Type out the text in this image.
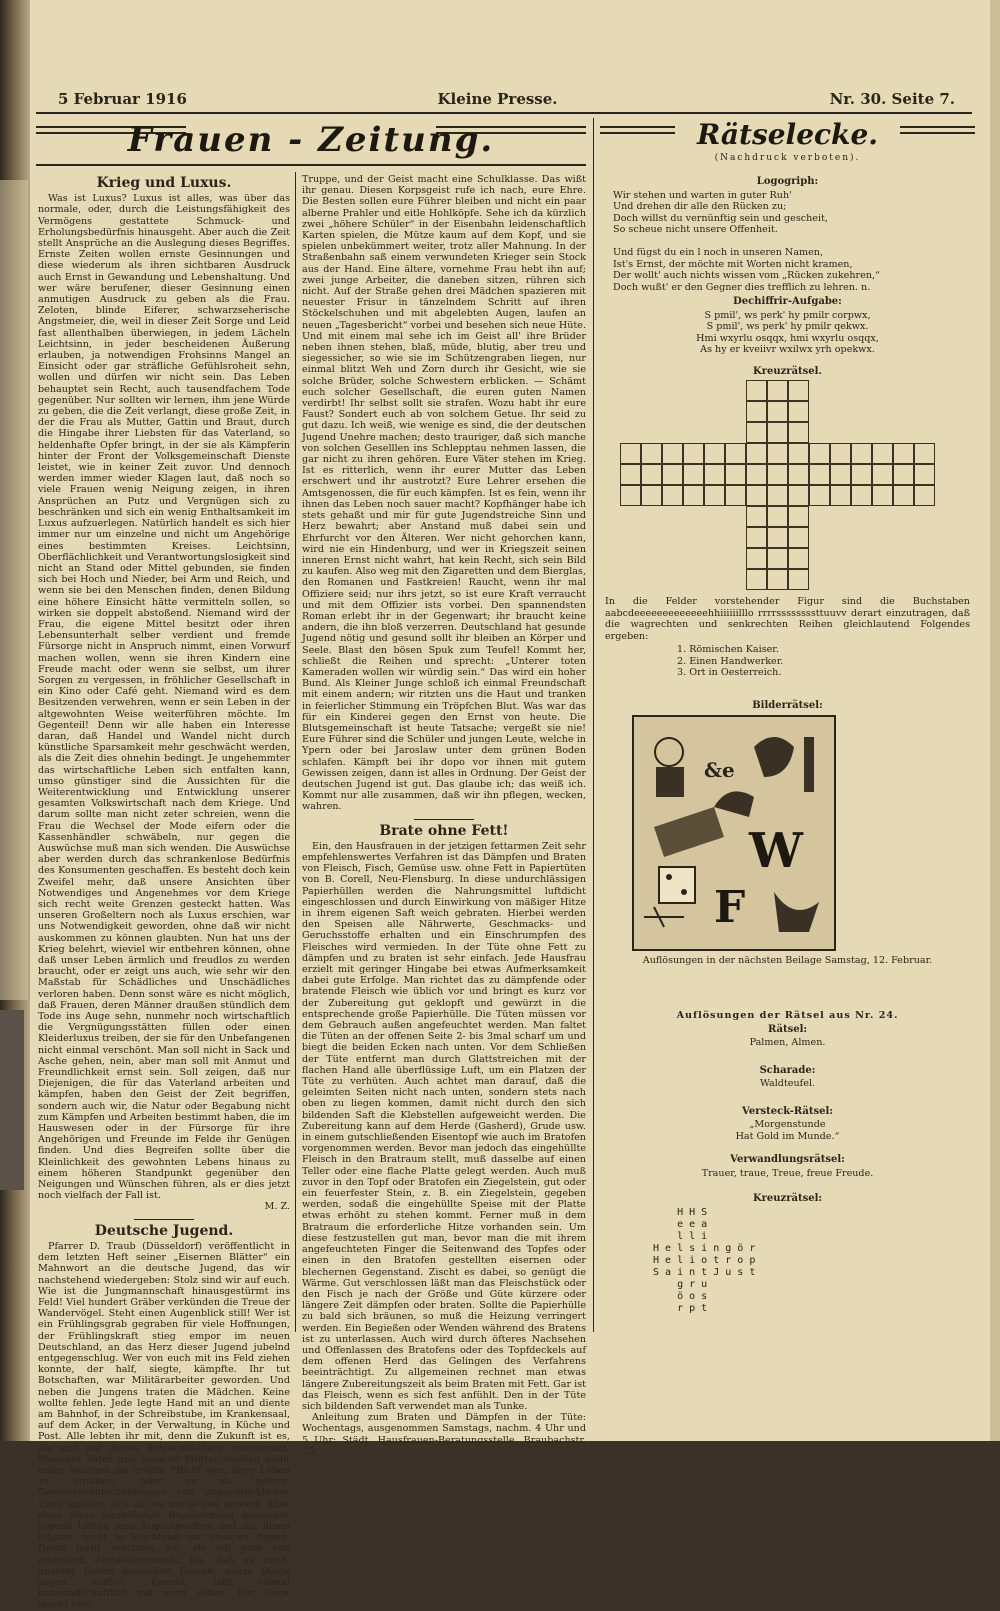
5 Februar 1916	Kleine Presse.	Nr. 30. Seite 7.
Frauen - Zeitung.	Rätselecke.
(Nachdruck verboten).
Krieg und Luxus.

Was ist Luxus? Luxus ist alles, was über das normale, oder, durch die Leistungsfähigkeit des Vermögens gestattete Schmuck- und Erholungsbedürfnis hinausgeht. Aber auch die Zeit stellt Ansprüche an die Auslegung dieses Begriffes. Ernste Zeiten wollen ernste Gesinnungen und diese wiederum als ihren sichtbaren Ausdruck auch Ernst in Gewandung und Lebenshaltung. Und wer wäre berufener, dieser Gesinnung einen anmutigen Ausdruck zu geben als die Frau. Zeloten, blinde Eiferer, schwarzseherische Angstmeier, die, weil in dieser Zeit Sorge und Leid fast allenthalben überwiegen, in jedem Lächeln Leichtsinn, in jeder bescheidenen Äußerung erlauben, ja notwendigen Frohsinns Mangel an Einsicht oder gar sträfliche Gefühlsroheit sehn, wollen und dürfen wir nicht sein. Das Leben behauptet sein Recht, auch tausendfachem Tode gegenüber. Nur sollten wir lernen, ihm jene Würde zu geben, die die Zeit verlangt, diese große Zeit, in der die Frau als Mutter, Gattin und Braut, durch die Hingabe ihrer Liebsten für das Vaterland, so heldenhafte Opfer bringt, in der sie als Kämpferin hinter der Front der Volksgemeinschaft Dienste leistet, wie in keiner Zeit zuvor. Und dennoch werden immer wieder Klagen laut, daß noch so viele Frauen wenig Neigung zeigen, in ihren Ansprüchen an Putz und Vergnügen sich zu beschränken und sich ein wenig Enthaltsamkeit im Luxus aufzuerlegen. Natürlich handelt es sich hier immer nur um einzelne und nicht um Angehörige eines bestimmten Kreises. Leichtsinn, Oberflächlichkeit und Verantwortungslosigkeit sind nicht an Stand oder Mittel gebunden, sie finden sich bei Hoch und Nieder, bei Arm und Reich, und wenn sie bei den Menschen finden, denen Bildung eine höhere Einsicht hätte vermitteln sollen, so wirken sie doppelt abstoßend. Niemand wird der Frau, die eigene Mittel besitzt oder ihren Lebensunterhalt selber verdient und fremde Fürsorge nicht in Anspruch nimmt, einen Vorwurf machen wollen, wenn sie ihren Kindern eine Freude macht oder wenn sie selbst, um ihrer Sorgen zu vergessen, in fröhlicher Gesellschaft in ein Kino oder Café geht. Niemand wird es dem Besitzenden verwehren, wenn er sein Leben in der altgewohnten Weise weiterführen möchte. Im Gegenteil! Denn wir alle haben ein Interesse daran, daß Handel und Wandel nicht durch künstliche Sparsamkeit mehr geschwächt werden, als die Zeit dies ohnehin bedingt. Je ungehemmter das wirtschaftliche Leben sich entfalten kann, umso günstiger sind die Aussichten für die Weiterentwicklung und Entwicklung unserer gesamten Volkswirtschaft nach dem Kriege. Und darum sollte man nicht zeter schreien, wenn die Frau die Wechsel der Mode eifern oder die Kassenhändler schwäbeln, nur gegen die Auswüchse muß man sich wenden. Die Auswüchse aber werden durch das schrankenlose Bedürfnis des Konsumenten geschaffen. Es besteht doch kein Zweifel mehr, daß unsere Ansichten über Notwendiges und Angenehmes vor dem Kriege sich recht weite Grenzen gesteckt hatten. Was unseren Großeltern noch als Luxus erschien, war uns Notwendigkeit geworden, ohne daß wir nicht auskommen zu können glaubten. Nun hat uns der Krieg belehrt, wieviel wir entbehren können, ohne daß unser Leben ärmlich und freudlos zu werden braucht, oder er zeigt uns auch, wie sehr wir den Maßstab für Schädliches und Unschädliches verloren haben. Denn sonst wäre es nicht möglich, daß Frauen, deren Männer draußen stündlich dem Tode ins Auge sehn, nunmehr noch wirtschaftlich die Vergnügungsstätten füllen oder einen Kleiderluxus treiben, der sie für den Unbefangenen nicht einmal verschönt. Man soll nicht in Sack und Asche gehen, nein, aber man soll mit Anmut und Freundlichkeit ernst sein. Soll zeigen, daß nur Diejenigen, die für das Vaterland arbeiten und kämpfen, haben den Geist der Zeit begriffen, sondern auch wir, die Natur oder Begabung nicht zum Kämpfen und Arbeiten bestimmt haben, die im Hauswesen oder in der Fürsorge für ihre Angehörigen und Freunde im Felde ihr Genügen finden. Und dies Begreifen sollte über die Kleinlichkeit des gewohnten Lebens hinaus zu einem höheren Standpunkt gegenüber den Neigungen und Wünschen führen, als er dies jetzt noch vielfach der Fall ist.

M. Z.
Deutsche Jugend.

Pfarrer D. Traub (Düsseldorf) veröffentlicht in dem letzten Heft seiner „Eisernen Blätter“ ein Mahnwort an die deutsche Jugend, das wir nachstehend wiedergeben: Stolz sind wir auf euch. Wie ist die Jungmannschaft hinausgestürmt ins Feld! Viel hundert Gräber verkünden die Treue der Wandervögel. Steht einen Augenblick still! Wer ist ein Frühlingsgrab gegraben für viele Hoffnungen, der Frühlingskraft stieg empor im neuen Deutschland, an das Herz dieser Jugend jubelnd entgegenschlug. Wer von euch mit ins Feld ziehen konnte, der half, siegte, kämpfte. Ihr tut Botschaften, war Militärarbeiter geworden. Und neben die Jungens traten die Mädchen. Keine wollte fehlen. Jede legte Hand mit an und diente am Bahnhof, in der Schreibstube, im Krankensaal, auf dem Acker, in der Verwaltung, in Küche und Post. Alle lebten ihr mit, denn die Zukunft ist es, die sich auf diesen Schlachtfeldern entscheidet. Mancher Vater und manche Mutter wußten nicht mehr, welches die größte Pflicht war, ihrer Leben zu erhalten, oder es zu opfern. Gewissensentscheidungen von unausdrücklicher Tiefe spielten sich ab; es wurde viel gewagt. Aber ohne diese hinreißende Begeisterung deutscher Jugend hätten jene Augustwochen und die ihnen folgten, nicht so leuchtend vor unseren Augen. Desto mehr erschrak ich, als ich jetzt von manchem Armeekommando las, daß es euch, unserer lieben deutschen Jugend, ganze Dinge sagen mußte. Kommt, laßt einmal kameradschaftlich mit euch reden. Der Geist macht eine

Truppe, und der Geist macht eine Schulklasse. Das wißt ihr genau. Diesen Korpsgeist rufe ich nach, eure Ehre. Die Besten sollen eure Führer bleiben und nicht ein paar alberne Prahler und eitle Hohlköpfe. Sehe ich da kürzlich zwei „höhere Schüler“ in der Eisenbahn leidenschaftlich Karten spielen, die Mütze kaum auf dem Kopf, und sie spielen unbekümmert weiter, trotz aller Mahnung. In der Straßenbahn saß einem verwundeten Krieger sein Stock aus der Hand. Eine ältere, vornehme Frau hebt ihn auf; zwei junge Arbeiter, die daneben sitzen, rühren sich nicht. Auf der Straße gehen drei Mädchen spazieren mit neuester Frisur in tänzelndem Schritt auf ihren Stöckelschuhen und mit abgelebten Augen, laufen an neuen „Tagesbericht“ vorbei und besehen sich neue Hüte. Und mit einem mal sehe ich im Geist all' ihre Brüder neben ihnen stehen, blaß, müde, blutig, aber treu und siegessicher, so wie sie im Schützengraben liegen, nur einmal blitzt Weh und Zorn durch ihr Gesicht, wie sie solche Brüder, solche Schwestern erblicken. — Schämt euch solcher Gesellschaft, die euren guten Namen verdirbt! Ihr selbst sollt sie strafen. Wozu habt ihr eure Faust? Sondert euch ab von solchem Getue. Ihr seid zu gut dazu. Ich weiß, wie wenige es sind, die der deutschen Jugend Unehre machen; desto trauriger, daß sich manche von solchen Geselllen ins Schlepptau nehmen lassen, die gar nicht zu ihren gehören. Eure Väter stehen im Krieg. Ist es ritterlich, wenn ihr eurer Mutter das Leben erschwert und ihr austrotzt? Eure Lehrer ersehen die Amtsgenossen, die für euch kämpfen. Ist es fein, wenn ihr ihnen das Leben noch sauer macht? Kopfhänger habe ich stets gehaßt und mir für gute Jugendstreiche Sinn und Herz bewahrt; aber Anstand muß dabei sein und Ehrfurcht vor den Älteren. Wer nicht gehorchen kann, wird nie ein Hindenburg, und wer in Kriegszeit seinen inneren Ernst nicht wahrt, hat kein Recht, sich sein Bild zu kaufen. Also weg mit den Zigaretten und dem Bierglas, den Romanen und Fastkreien! Raucht, wenn ihr mal Offiziere seid; nur ihrs jetzt, so ist eure Kraft verraucht und mit dem Offizier ists vorbei. Den spannendsten Roman erlebt ihr in der Gegenwart; ihr braucht keine andern, die ihn bloß verzerren. Deutschland hat gesunde Jugend nötig und gesund sollt ihr bleiben an Körper und Seele. Blast den bösen Spuk zum Teufel! Kommt her, schließt die Reihen und sprecht: „Unterer toten Kameraden wollen wir würdig sein.“ Das wird ein hoher Bund. Als Kleiner Junge schloß ich einmal Freundschaft mit einem andern; wir ritzten uns die Haut und tranken in feierlicher Stimmung ein Tröpfchen Blut. Was war das für ein Kinderei gegen den Ernst von heute. Die Blutsgemeinschaft ist heute Tatsache; vergeßt sie nie! Eure Führer sind die Schüler und jungen Leute, welche in Ypern oder bei Jaroslaw unter dem grünen Boden schlafen. Kämpft bei ihr dopo vor ihnen mit gutem Gewissen zeigen, dann ist alles in Ordnung. Der Geist der deutschen Jugend ist gut. Das glaube ich; das weiß ich. Kommt nur alle zusammen, daß wir ihn pflegen, wecken, wahren.

Brate ohne Fett!

Ein, den Hausfrauen in der jetzigen fettarmen Zeit sehr empfehlenswertes Verfahren ist das Dämpfen und Braten von Fleisch, Fisch, Gemüse usw. ohne Fett in Papiertüten von B. Corell, Neu-Flensburg. In diese undurchlässigen Papierhüllen werden die Nahrungsmittel luftdicht eingeschlossen und durch Einwirkung von mäßiger Hitze in ihrem eigenen Saft weich gebraten. Hierbei werden den Speisen alle Nährwerte, Geschmacks- und Geruchsstoffe erhalten und ein Einschrumpfen des Fleisches wird vermieden. In der Tüte ohne Fett zu dämpfen und zu braten ist sehr einfach. Jede Hausfrau erzielt mit geringer Hingabe bei etwas Aufmerksamkeit dabei gute Erfolge. Man richtet das zu dämpfende oder bratende Fleisch wie üblich vor und bringt es kurz vor der Zubereitung gut geklopft und gewürzt in die entsprechende große Papierhülle. Die Tüten müssen vor dem Gebrauch außen angefeuchtet werden. Man faltet die Tüten an der offenen Seite 2- bis 3mal scharf um und biegt die beiden Ecken nach unten. Vor dem Schließen der Tüte entfernt man durch Glattstreichen mit der flachen Hand alle überflüssige Luft, um ein Platzen der Tüte zu verhüten. Auch achtet man darauf, daß die geleimten Seiten nicht nach unten, sondern stets nach oben zu liegen kommen, damit nicht durch den sich bildenden Saft die Klebstellen aufgeweicht werden. Die Zubereitung kann auf dem Herde (Gasherd), Grude usw. in einem gutschließenden Eisentopf wie auch im Bratofen vorgenommen werden. Bevor man jedoch das eingehüllte Fleisch in den Bratraum stellt, muß dasselbe auf einen Teller oder eine flache Platte gelegt werden. Auch muß zuvor in den Topf oder Bratofen ein Ziegelstein, gut oder ein feuerfester Stein, z. B. ein Ziegelstein, gegeben werden, sodaß die eingehüllte Speise mit der Platte etwas erhöht zu stehen kommt. Ferner muß in dem Bratraum die erforderliche Hitze vorhanden sein. Um diese festzustellen gut man, bevor man die mit ihrem angefeuchteten Finger die Seitenwand des Topfes oder einen in den Bratofen gestellten eisernen oder blechernen Gegenstand. Zischt es dabei, so genügt die Wärme. Gut verschlossen läßt man das Fleischstück oder den Fisch je nach der Größe und Güte kürzere oder längere Zeit dämpfen oder braten. Sollte die Papierhülle zu bald sich bräunen, so muß die Heizung verringert werden. Ein Begießen oder Wenden während des Bratens ist zu unterlassen. Auch wird durch öfteres Nachsehen und Offenlassen des Bratofens oder des Topfdeckels auf dem offenen Herd das Gelingen des Verfahrens beeinträchtigt. Zu allgemeinen rechnet man etwas längere Zubereitungszeit als beim Braten mit Fett. Gar ist das Fleisch, wenn es sich fest anfühlt. Den in der Tüte sich bildenden Saft verwendet man als Tunke.

Anleitung zum Braten und Dämpfen in der Tüte: Wochentags, ausgenommen Samstags, nachm. 4 Uhr und 5 Uhr: Städt. Hausfrauen-Beratungsstelle, Braubachstr. 25.

Logogriph:
Wir stehen und warten in guter Ruh'
Und drehen dir alle den Rücken zu;
Doch willst du vernünftig sein und gescheit,
So scheue nicht unsere Offenheit.

Und fügst du ein l noch in unseren Namen,
Ist's Ernst, der möchte mit Worten nicht kramen,
Der wollt' auch nichts wissen vom „Rücken zukehren,“
Doch wußt' er den Gegner dies trefflich zu lehren. n.
Dechiffrir-Aufgabe:
S pmil', ws perk' hy pmilr corpwx,
S pmil', ws perk' hy pmilr qekwx.
Hmi wxyrlu osqqx, hmi wxyrlu osqqx,
As hy er kveiivr wxilwx yrh opekwx.
Kreuzrätsel.
In die Felder vorstehender Figur sind die Buchstaben aabcdeeeeeeeeeeeeehhiiiiiilllo rrrrssssssssttuuvv derart einzutragen, daß die wagrechten und senkrechten Reihen gleichlautend Folgendes ergeben:
1. Römischen Kaiser.
2. Einen Handwerker.
3. Ort in Oesterreich.
Bilderrätsel:
&e
W
F
Auflösungen in der nächsten Beilage Samstag, 12. Februar.
Auflösungen der Rätsel aus Nr. 24.
Rätsel:
Palmen, Almen.
Scharade:
Waldteufel.
Versteck-Rätsel:
„Morgenstunde
Hat Gold im Munde.“
Verwandlungsrätsel:
Trauer, traue, Treue, freue Freude.
Kreuzrätsel:
H H S
e e a
l l i
H e l s i n g ö r
H e l i o t r o p
S a i n t J u s t
g r u
ö o s
r p t
